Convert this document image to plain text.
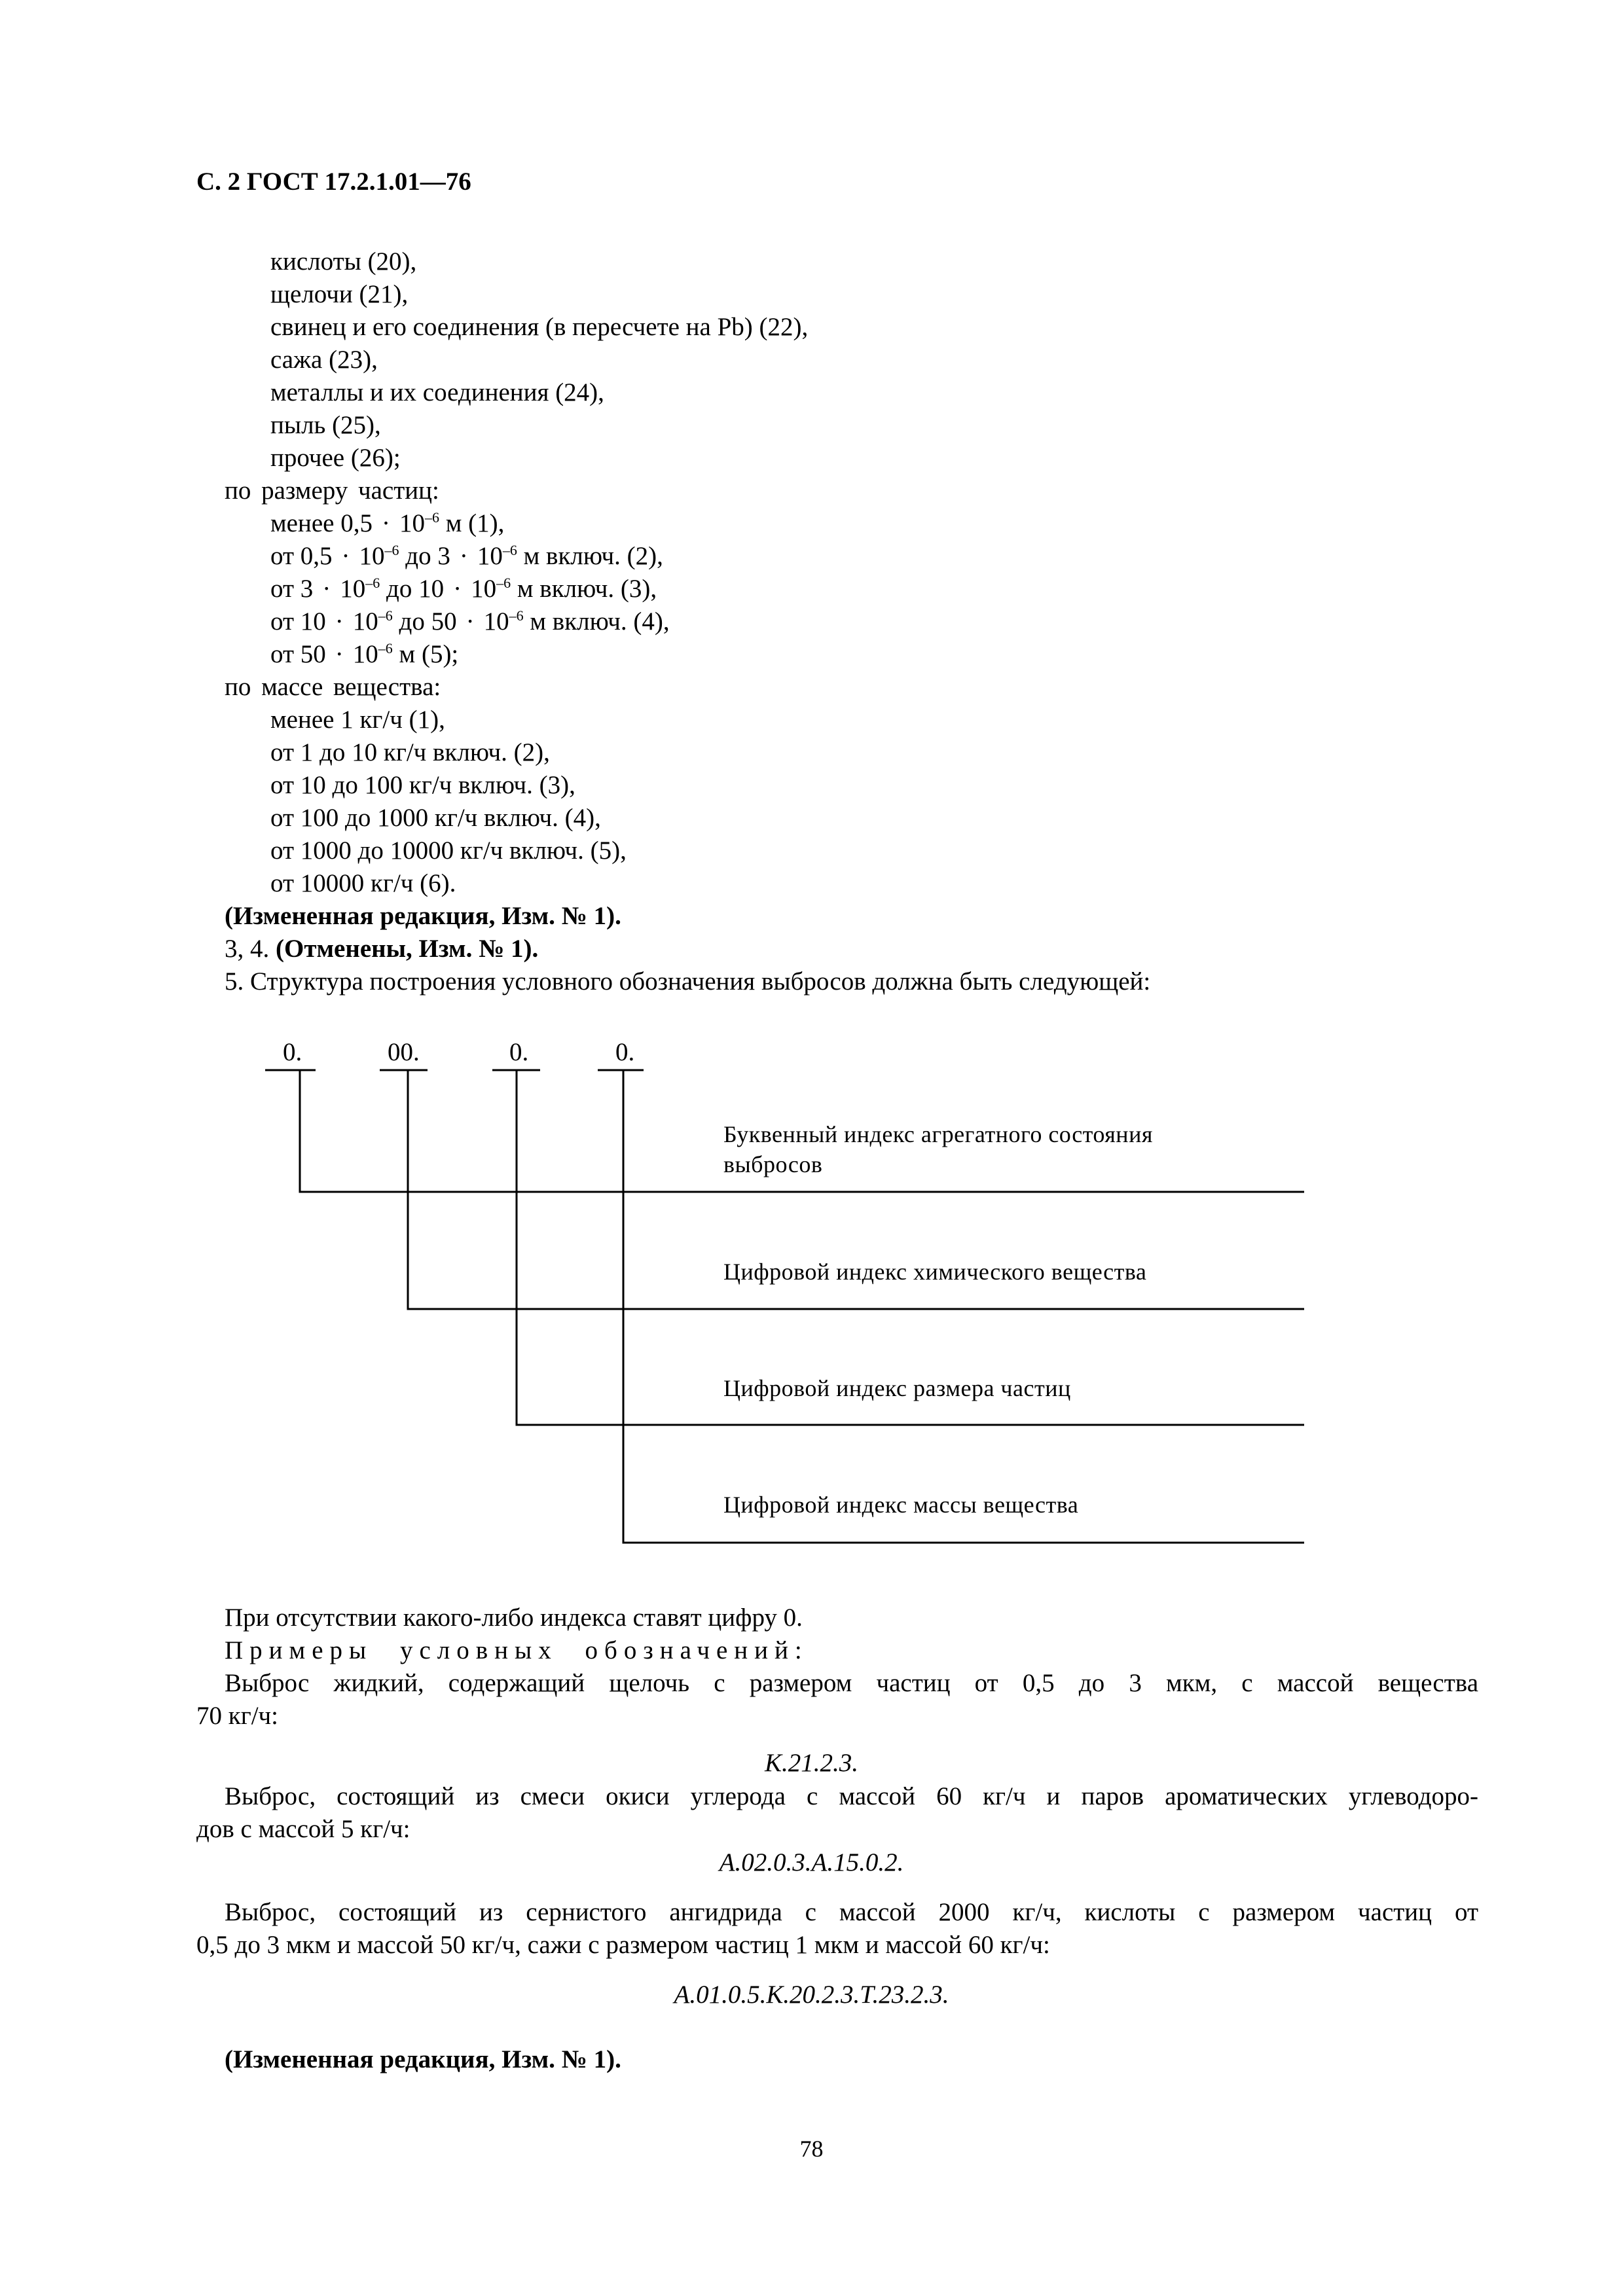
С. 2 ГОСТ 17.2.1.01—76
кислоты (20),
щелочи (21),
свинец и его соединения (в пересчете на Pb) (22),
сажа (23),
металлы и их соединения (24),
пыль (25),
прочее (26);
по размеру частиц:
менее $0,5 \cdot 10^{-6}$ м (1),
от $0,5 \cdot 10^{-6}$ до $3 \cdot 10^{-6}$ м включ. (2),
от $3 \cdot 10^{-6}$ до $10 \cdot 10^{-6}$ м включ. (3),
от $10 \cdot 10^{-6}$ до $50 \cdot 10^{-6}$ м включ. (4),
от $50 \cdot 10^{-6}$ м (5);
по массе вещества:
менее 1 кг/ч (1),
от 1 до 10 кг/ч включ. (2),
от 10 до 100 кг/ч включ. (3),
от 100 до 1000 кг/ч включ. (4),
от 1000 до 10000 кг/ч включ. (5),
от 10000 кг/ч (6).
(Измененная редакция, Изм. № 1).
3, 4. (Отменены, Изм. № 1).
5. Структура построения условного обозначения выбросов должна быть следующей:
0.	00.	0.	0.
Буквенный индекс агрегатного состояния
выбросов
Цифровой индекс химического вещества
Цифровой индекс размера частиц
Цифровой индекс массы вещества
При отсутствии какого-либо индекса ставят цифру 0.
Примеры условных обозначений:
Выброс жидкий, содержащий щелочь с размером частиц от 0,5 до 3 мкм, с массой вещества
70 кг/ч:
К.21.2.3.
Выброс, состоящий из смеси окиси углерода с массой 60 кг/ч и паров ароматических углеводоро-
дов с массой 5 кг/ч:
А.02.0.3.А.15.0.2.
Выброс, состоящий из сернистого ангидрида с массой 2000 кг/ч, кислоты с размером частиц от
0,5 до 3 мкм и массой 50 кг/ч, сажи с размером частиц 1 мкм и массой 60 кг/ч:
А.01.0.5.К.20.2.3.Т.23.2.3.
(Измененная редакция, Изм. № 1).
78
